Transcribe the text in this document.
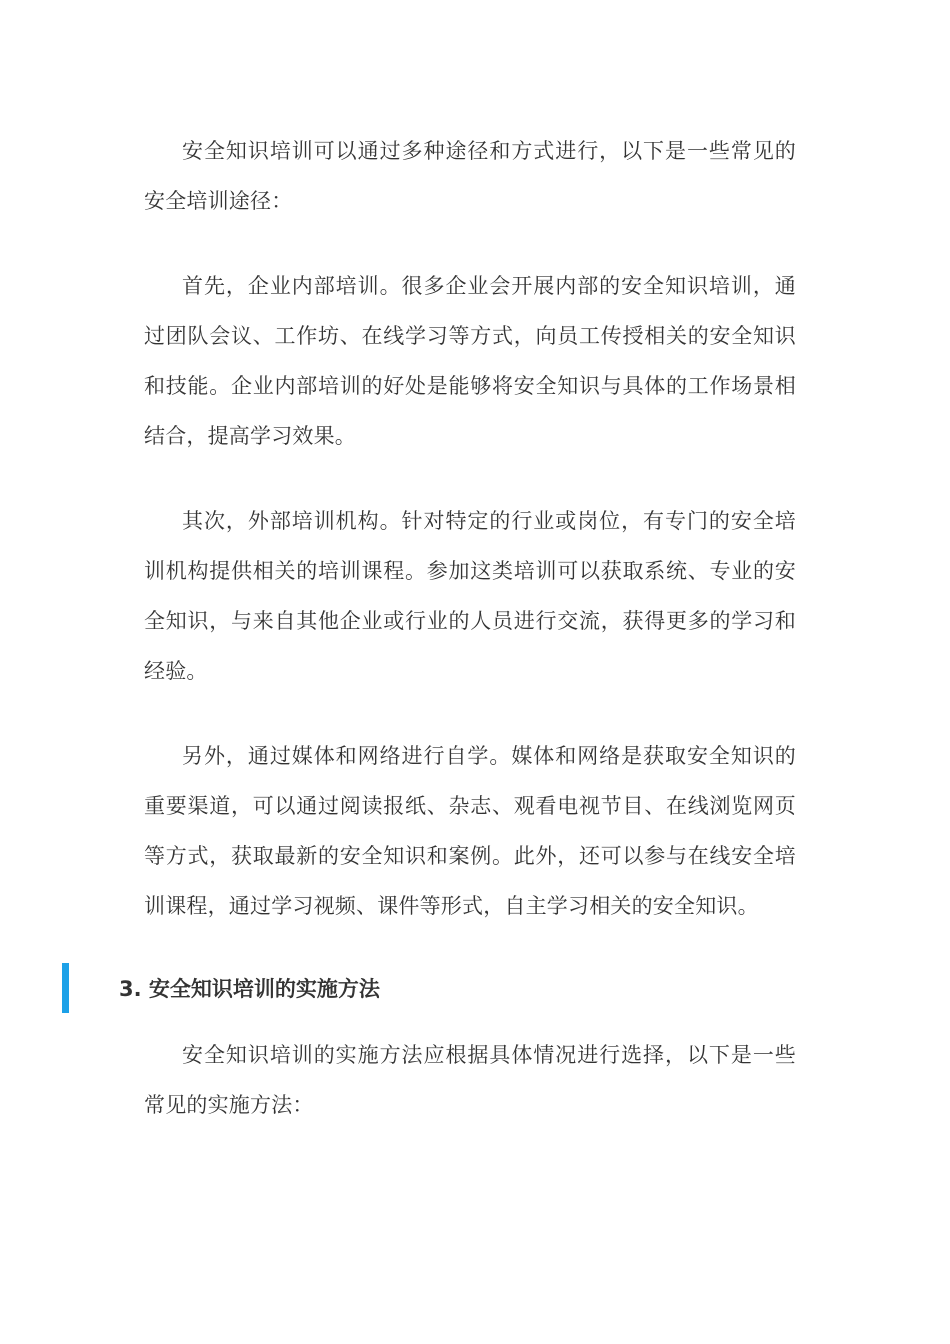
安全知识培训可以通过多种途径和方式进行，以下是一些常见的安全培训途径：

首先，企业内部培训。很多企业会开展内部的安全知识培训，通过团队会议、工作坊、在线学习等方式，向员工传授相关的安全知识和技能。企业内部培训的好处是能够将安全知识与具体的工作场景相结合，提高学习效果。

其次，外部培训机构。针对特定的行业或岗位，有专门的安全培训机构提供相关的培训课程。参加这类培训可以获取系统、专业的安全知识，与来自其他企业或行业的人员进行交流，获得更多的学习和经验。

另外，通过媒体和网络进行自学。媒体和网络是获取安全知识的重要渠道，可以通过阅读报纸、杂志、观看电视节目、在线浏览网页等方式，获取最新的安全知识和案例。此外，还可以参与在线安全培训课程，通过学习视频、课件等形式，自主学习相关的安全知识。

3. 安全知识培训的实施方法

安全知识培训的实施方法应根据具体情况进行选择，以下是一些常见的实施方法：
